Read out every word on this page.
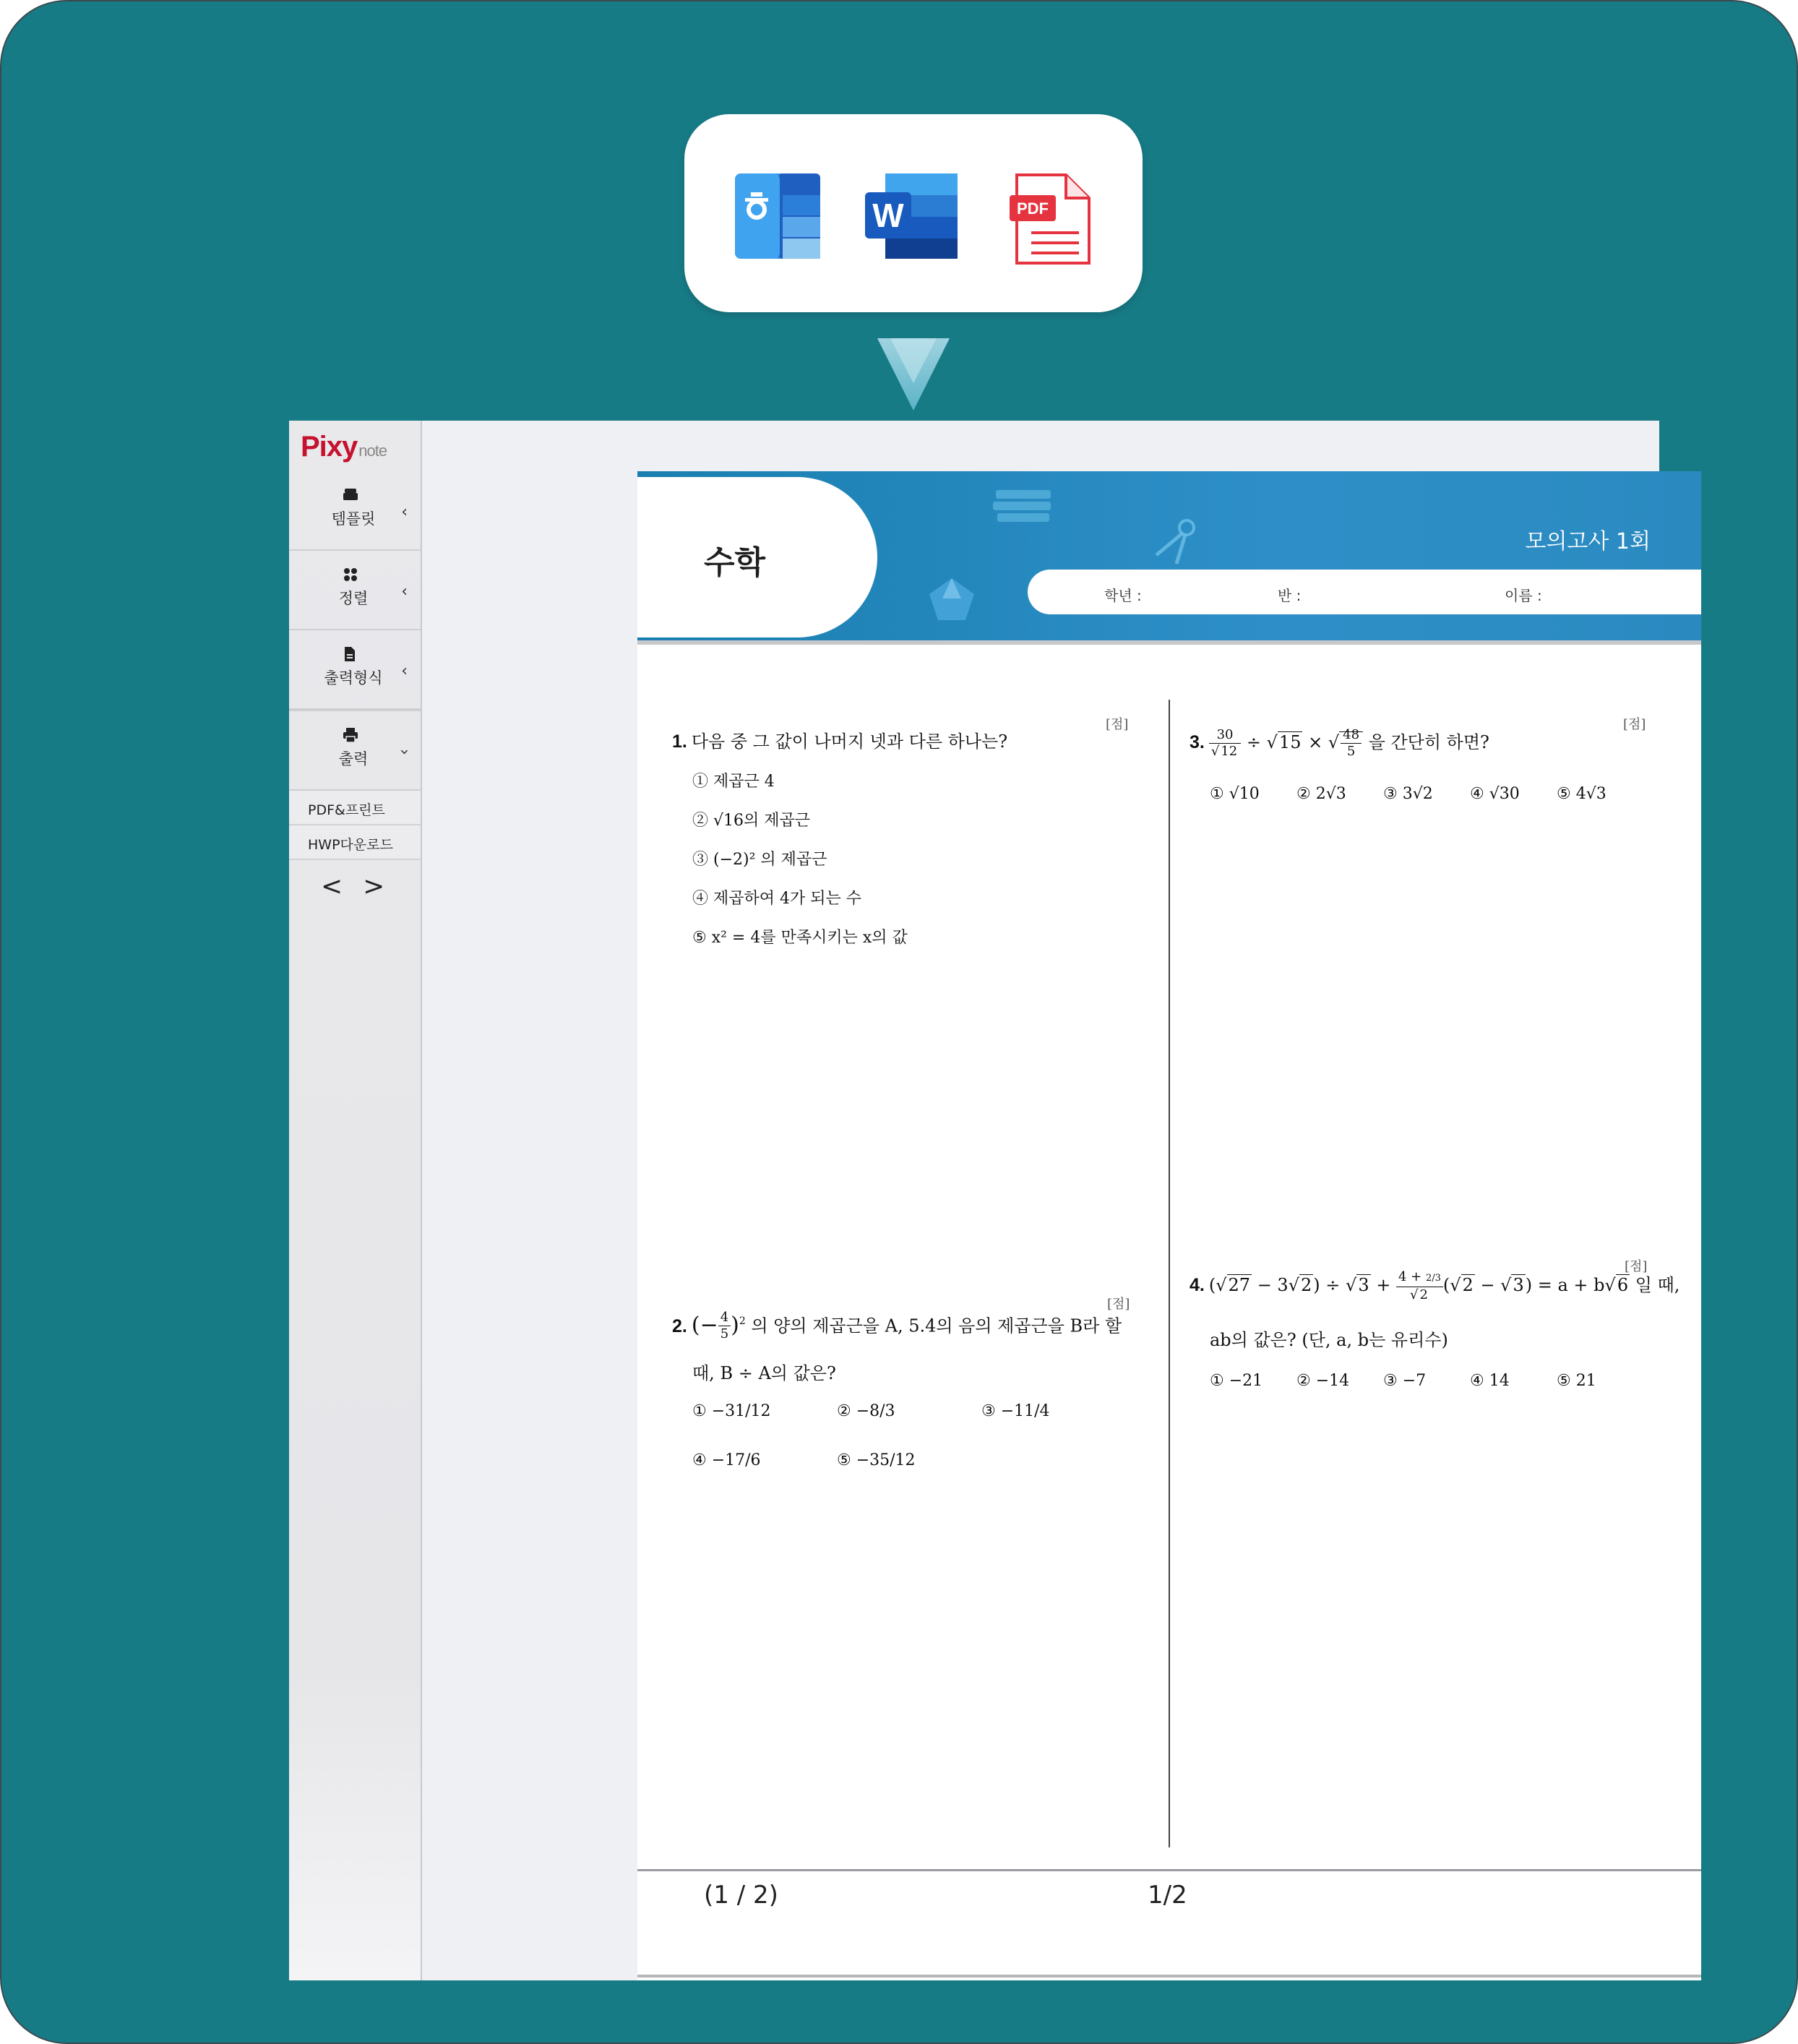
W	PDF
Pixynote
템플릿	‹
정렬	‹
출력형식	‹
출력	‹
PDF&프린트
HWP다운로드
< >
수학
모의고사 1회
학년 :	반 :	이름 :
[점]
1. 다음 중 그 값이 나머지 넷과 다른 하나는?
① 제곱근 4
② √16의 제곱근
③ (−2)² 의 제곱근
④ 제곱하여 4가 되는 수
⑤ x² = 4를 만족시키는 x의 값
[점]
2. (− $\frac{4}{5} )^2$ 의 양의 제곱근을 A, 5.4̇의 음의 제곱근을 B라 할
때, B ÷ A의 값은?
① −31/12	② −8/3	③ −11/4
④ −17/6	⑤ −35/12
[점]
3. $\frac{30}{√ 12} \div √15$ × √ $\frac{48}{5}$ 을 간단히 하면?
① √10 ② 2√3 ③ 3√2 ④ √30 ⑤ 4√3
[점]
4. $(√27 - 3√2) \div √3 + \frac{4 + 2/3}{√ 2} (√2 - √3) = a + b√6$ 일 때,
ab의 값은? (단, a, b는 유리수)
① −21 ② −14 ③ −7	④ 14	⑤ 21
(1 / 2)	1/2
